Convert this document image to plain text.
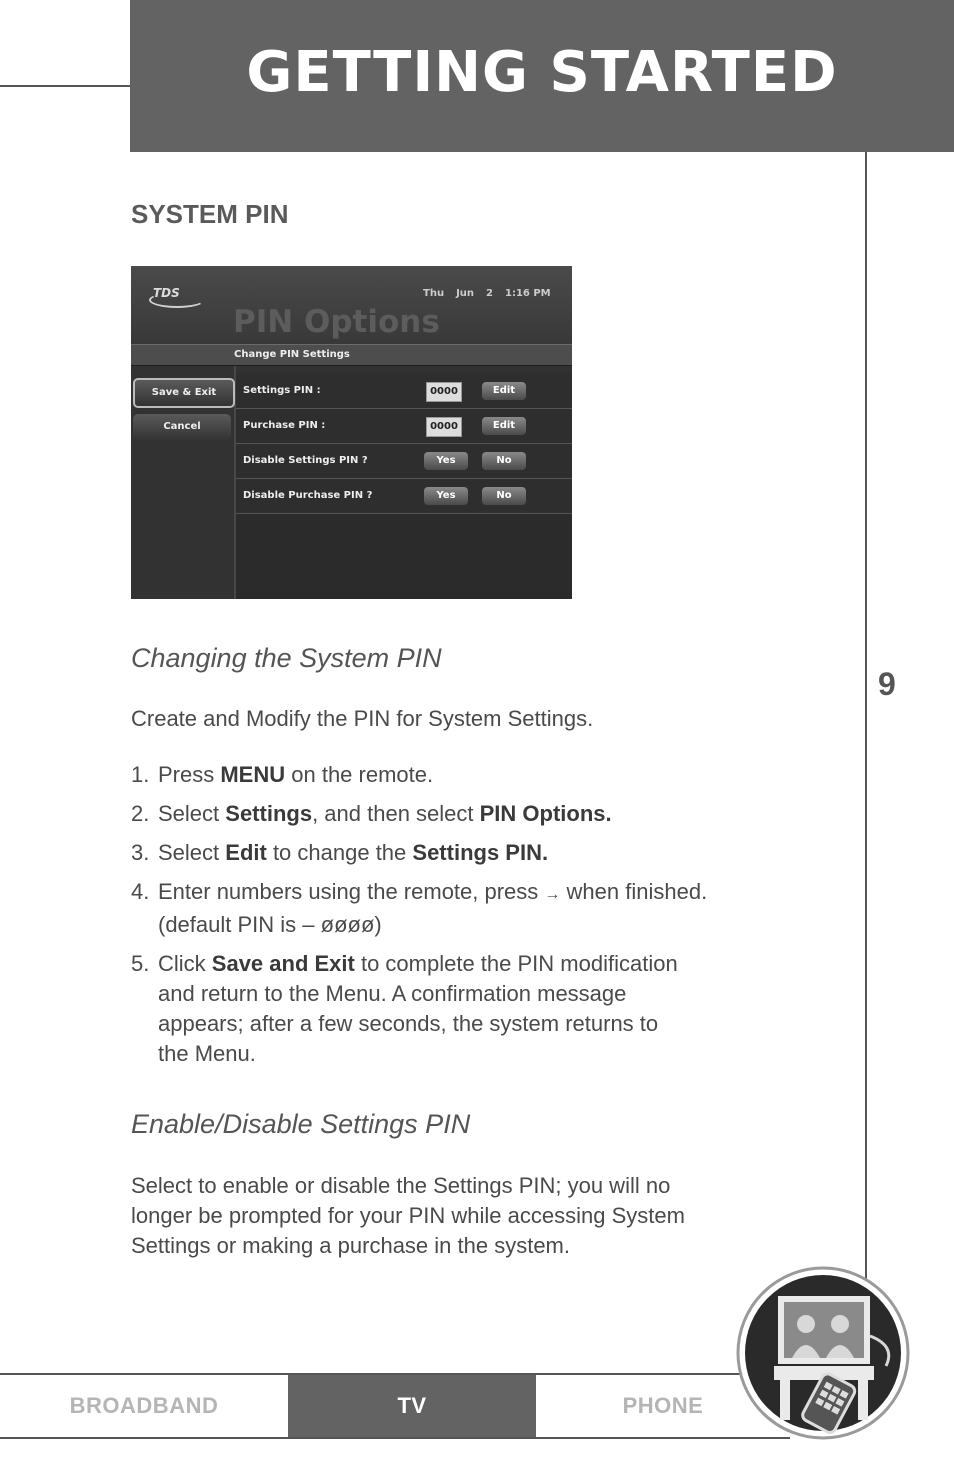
GETTING STARTED
9
SYSTEM PIN
TDS	Thu Jun 2 1:16 PM
PIN Options
Change PIN Settings
Save & Exit
Cancel
Settings PIN :	0000	Edit
Purchase PIN :	0000	Edit
Disable Settings PIN ?	Yes	No
Disable Purchase PIN ?	Yes	No
Changing the System PIN

Create and Modify the PIN for System Settings.

1. Press MENU on the remote.
2. Select Settings, and then select PIN Options.
3. Select Edit to change the Settings PIN.
4. Enter numbers using the remote, press → when finished.
(default PIN is – øøøø)
5. Click Save and Exit to complete the PIN modification
and return to the Menu. A confirmation message
appears; after a few seconds, the system returns to
the Menu.
Enable/Disable Settings PIN

Select to enable or disable the Settings PIN; you will no
longer be prompted for your PIN while accessing System
Settings or making a purchase in the system.

BROADBAND	TV	PHONE
